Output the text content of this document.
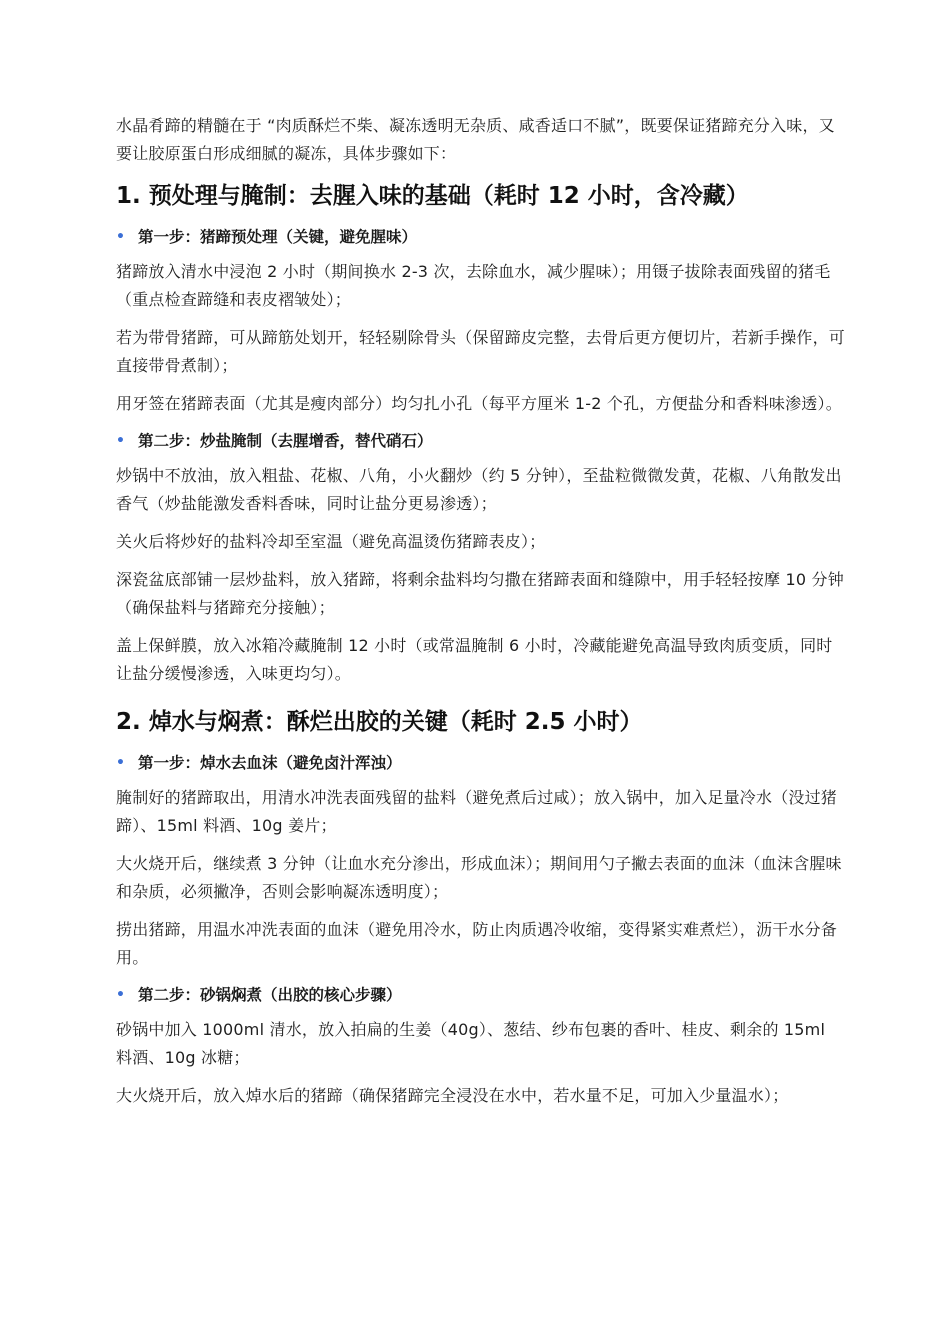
水晶肴蹄的精髓在于 “肉质酥烂不柴、凝冻透明无杂质、咸香适口不腻”，既要保证猪蹄充分入味，又要让胶原蛋白形成细腻的凝冻，具体步骤如下：

1. 预处理与腌制：去腥入味的基础（耗时 12 小时，含冷藏）
• 第一步：猪蹄预处理（关键，避免腥味）

猪蹄放入清水中浸泡 2 小时（期间换水 2-3 次，去除血水，减少腥味）；用镊子拔除表面残留的猪毛（重点检查蹄缝和表皮褶皱处）；

若为带骨猪蹄，可从蹄筋处划开，轻轻剔除骨头（保留蹄皮完整，去骨后更方便切片，若新手操作，可直接带骨煮制）；

用牙签在猪蹄表面（尤其是瘦肉部分）均匀扎小孔（每平方厘米 1-2 个孔，方便盐分和香料味渗透）。

• 第二步：炒盐腌制（去腥增香，替代硝石）

炒锅中不放油，放入粗盐、花椒、八角，小火翻炒（约 5 分钟），至盐粒微微发黄，花椒、八角散发出香气（炒盐能激发香料香味，同时让盐分更易渗透）；

关火后将炒好的盐料冷却至室温（避免高温烫伤猪蹄表皮）；

深瓷盆底部铺一层炒盐料，放入猪蹄，将剩余盐料均匀撒在猪蹄表面和缝隙中，用手轻轻按摩 10 分钟（确保盐料与猪蹄充分接触）；

盖上保鲜膜，放入冰箱冷藏腌制 12 小时（或常温腌制 6 小时，冷藏能避免高温导致肉质变质，同时让盐分缓慢渗透，入味更均匀）。

2. 焯水与焖煮：酥烂出胶的关键（耗时 2.5 小时）
• 第一步：焯水去血沫（避免卤汁浑浊）

腌制好的猪蹄取出，用清水冲洗表面残留的盐料（避免煮后过咸）；放入锅中，加入足量冷水（没过猪蹄）、15ml 料酒、10g 姜片；

大火烧开后，继续煮 3 分钟（让血水充分渗出，形成血沫）；期间用勺子撇去表面的血沫（血沫含腥味和杂质，必须撇净，否则会影响凝冻透明度）；

捞出猪蹄，用温水冲洗表面的血沫（避免用冷水，防止肉质遇冷收缩，变得紧实难煮烂），沥干水分备用。

• 第二步：砂锅焖煮（出胶的核心步骤）

砂锅中加入 1000ml 清水，放入拍扁的生姜（40g）、葱结、纱布包裹的香叶、桂皮、剩余的 15ml 料酒、10g 冰糖；

大火烧开后，放入焯水后的猪蹄（确保猪蹄完全浸没在水中，若水量不足，可加入少量温水）；
